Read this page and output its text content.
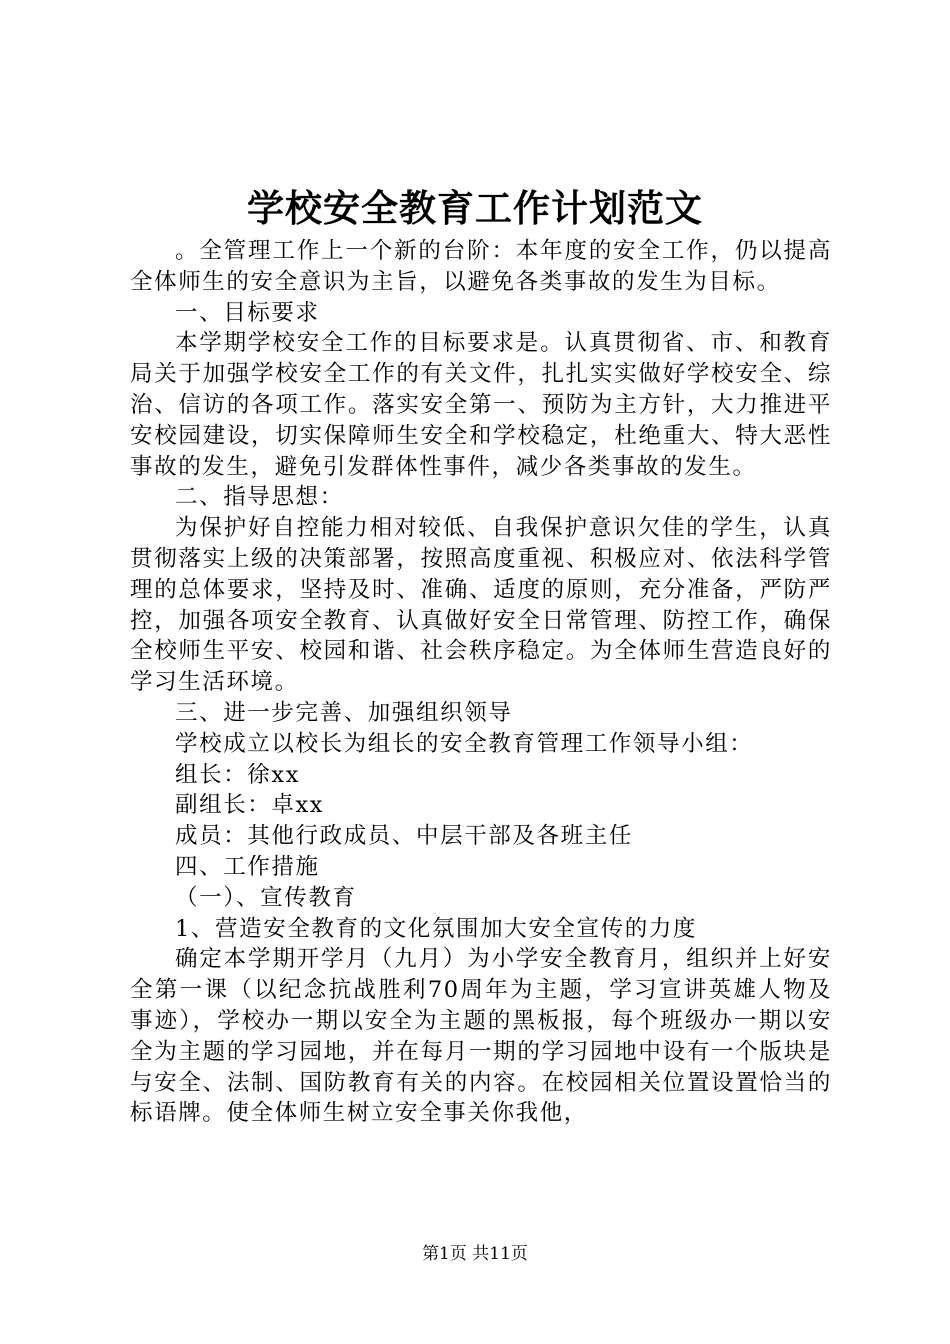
学校安全教育工作计划范文

。全管理工作上一个新的台阶：本年度的安全工作，仍以提高全体师生的安全意识为主旨，以避免各类事故的发生为目标。

一、目标要求

本学期学校安全工作的目标要求是。认真贯彻省、市、和教育局关于加强学校安全工作的有关文件，扎扎实实做好学校安全、综治、信访的各项工作。落实安全第一、预防为主方针，大力推进平安校园建设，切实保障师生安全和学校稳定，杜绝重大、特大恶性事故的发生，避免引发群体性事件，减少各类事故的发生。

二、指导思想：

为保护好自控能力相对较低、自我保护意识欠佳的学生，认真贯彻落实上级的决策部署，按照高度重视、积极应对、依法科学管理的总体要求，坚持及时、准确、适度的原则，充分准备，严防严控，加强各项安全教育、认真做好安全日常管理、防控工作，确保全校师生平安、校园和谐、社会秩序稳定。为全体师生营造良好的学习生活环境。

三、进一步完善、加强组织领导

学校成立以校长为组长的安全教育管理工作领导小组：

组长：徐xx

副组长：卓xx

成员：其他行政成员、中层干部及各班主任

四、工作措施

（一）、宣传教育

1、营造安全教育的文化氛围加大安全宣传的力度

确定本学期开学月（九月）为小学安全教育月，组织并上好安全第一课（以纪念抗战胜利70周年为主题，学习宣讲英雄人物及事迹），学校办一期以安全为主题的黑板报，每个班级办一期以安全为主题的学习园地，并在每月一期的学习园地中设有一个版块是与安全、法制、国防教育有关的内容。在校园相关位置设置恰当的标语牌。使全体师生树立安全事关你我他，

第1页 共11页
